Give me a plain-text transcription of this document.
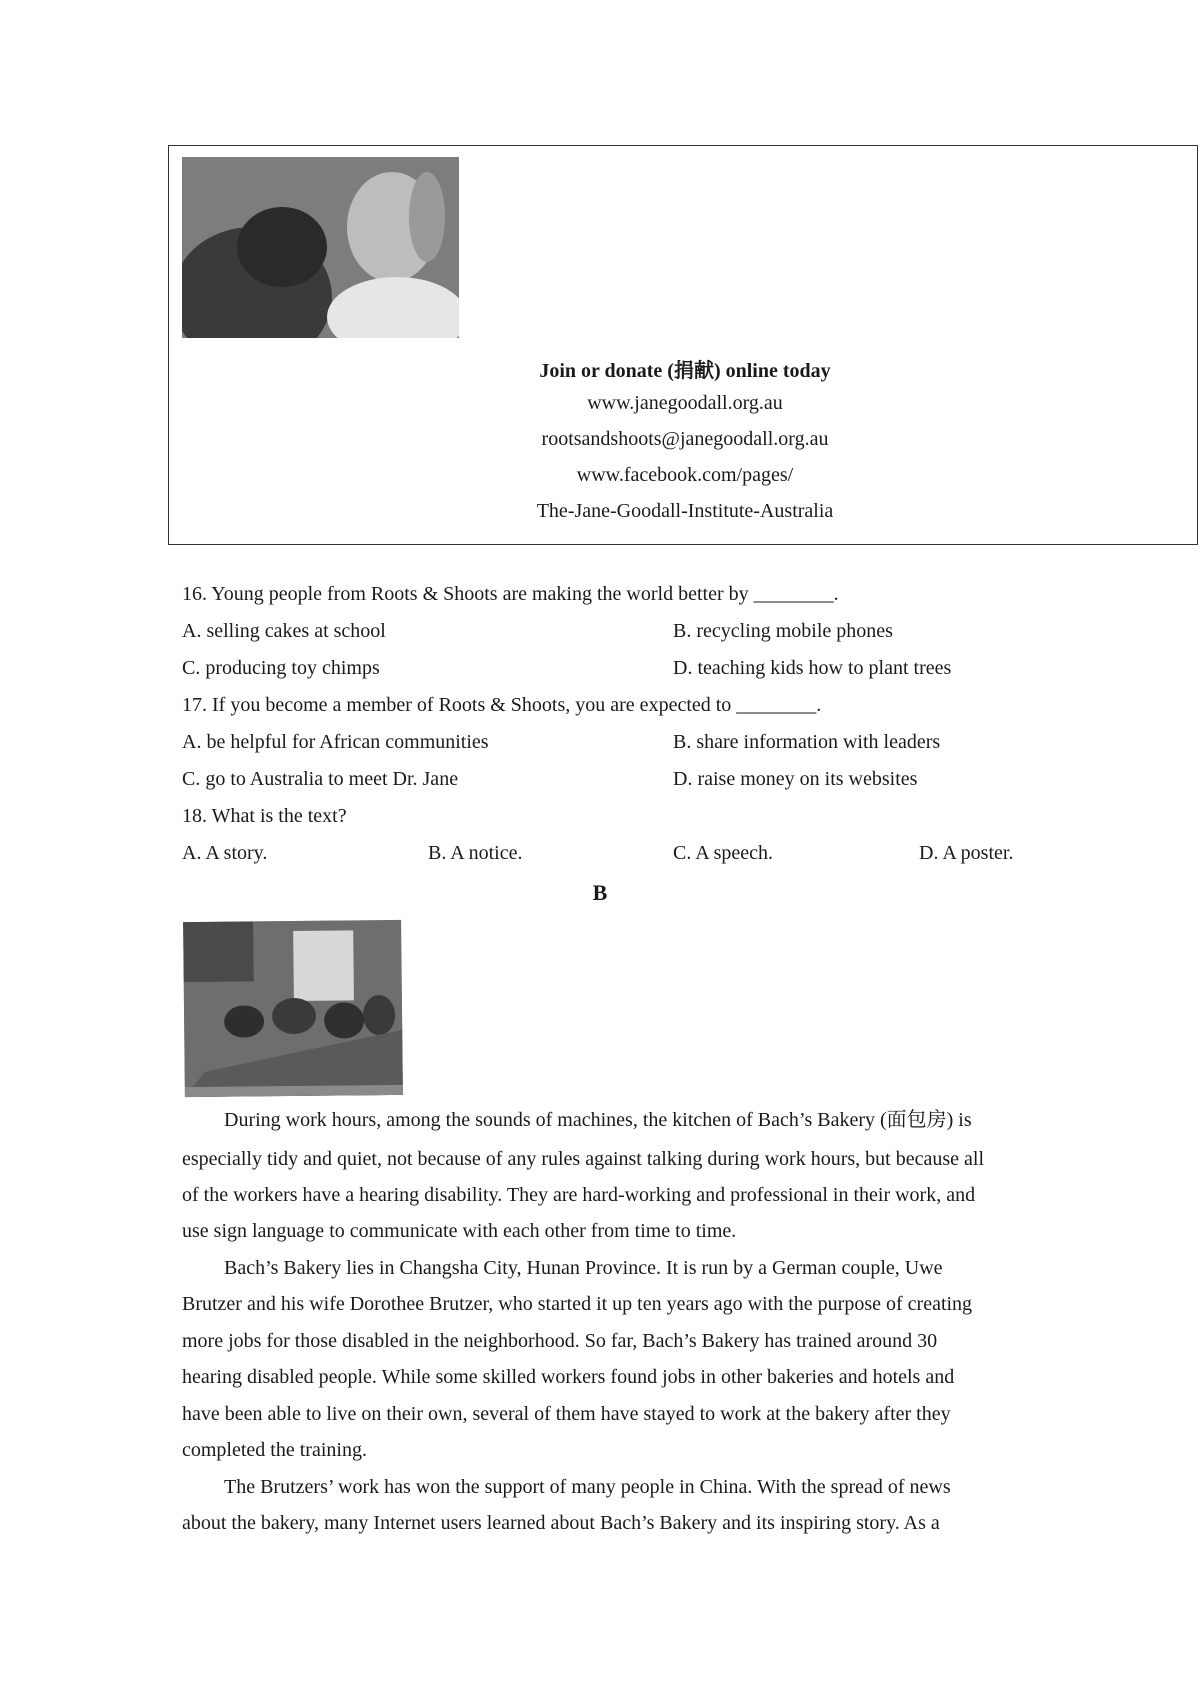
Join or donate (捐献) online today
www.janegoodall.org.au
rootsandshoots@janegoodall.org.au
www.facebook.com/pages/
The-Jane-Goodall-Institute-Australia
16. Young people from Roots & Shoots are making the world better by ________.
A. selling cakes at school	B. recycling mobile phones
C. producing toy chimps	D. teaching kids how to plant trees
17. If you become a member of Roots & Shoots, you are expected to ________.
A. be helpful for African communities	B. share information with leaders
C. go to Australia to meet Dr. Jane	D. raise money on its websites
18. What is the text?
A. A story.	B. A notice.	C. A speech.	D. A poster.
B
During work hours, among the sounds of machines, the kitchen of Bach’s Bakery (面包房) is
especially tidy and quiet, not because of any rules against talking during work hours, but because all
of the workers have a hearing disability. They are hard-working and professional in their work, and
use sign language to communicate with each other from time to time.
Bach’s Bakery lies in Changsha City, Hunan Province. It is run by a German couple, Uwe
Brutzer and his wife Dorothee Brutzer, who started it up ten years ago with the purpose of creating
more jobs for those disabled in the neighborhood. So far, Bach’s Bakery has trained around 30
hearing disabled people. While some skilled workers found jobs in other bakeries and hotels and
have been able to live on their own, several of them have stayed to work at the bakery after they
completed the training.
The Brutzers’ work has won the support of many people in China. With the spread of news
about the bakery, many Internet users learned about Bach’s Bakery and its inspiring story. As a
